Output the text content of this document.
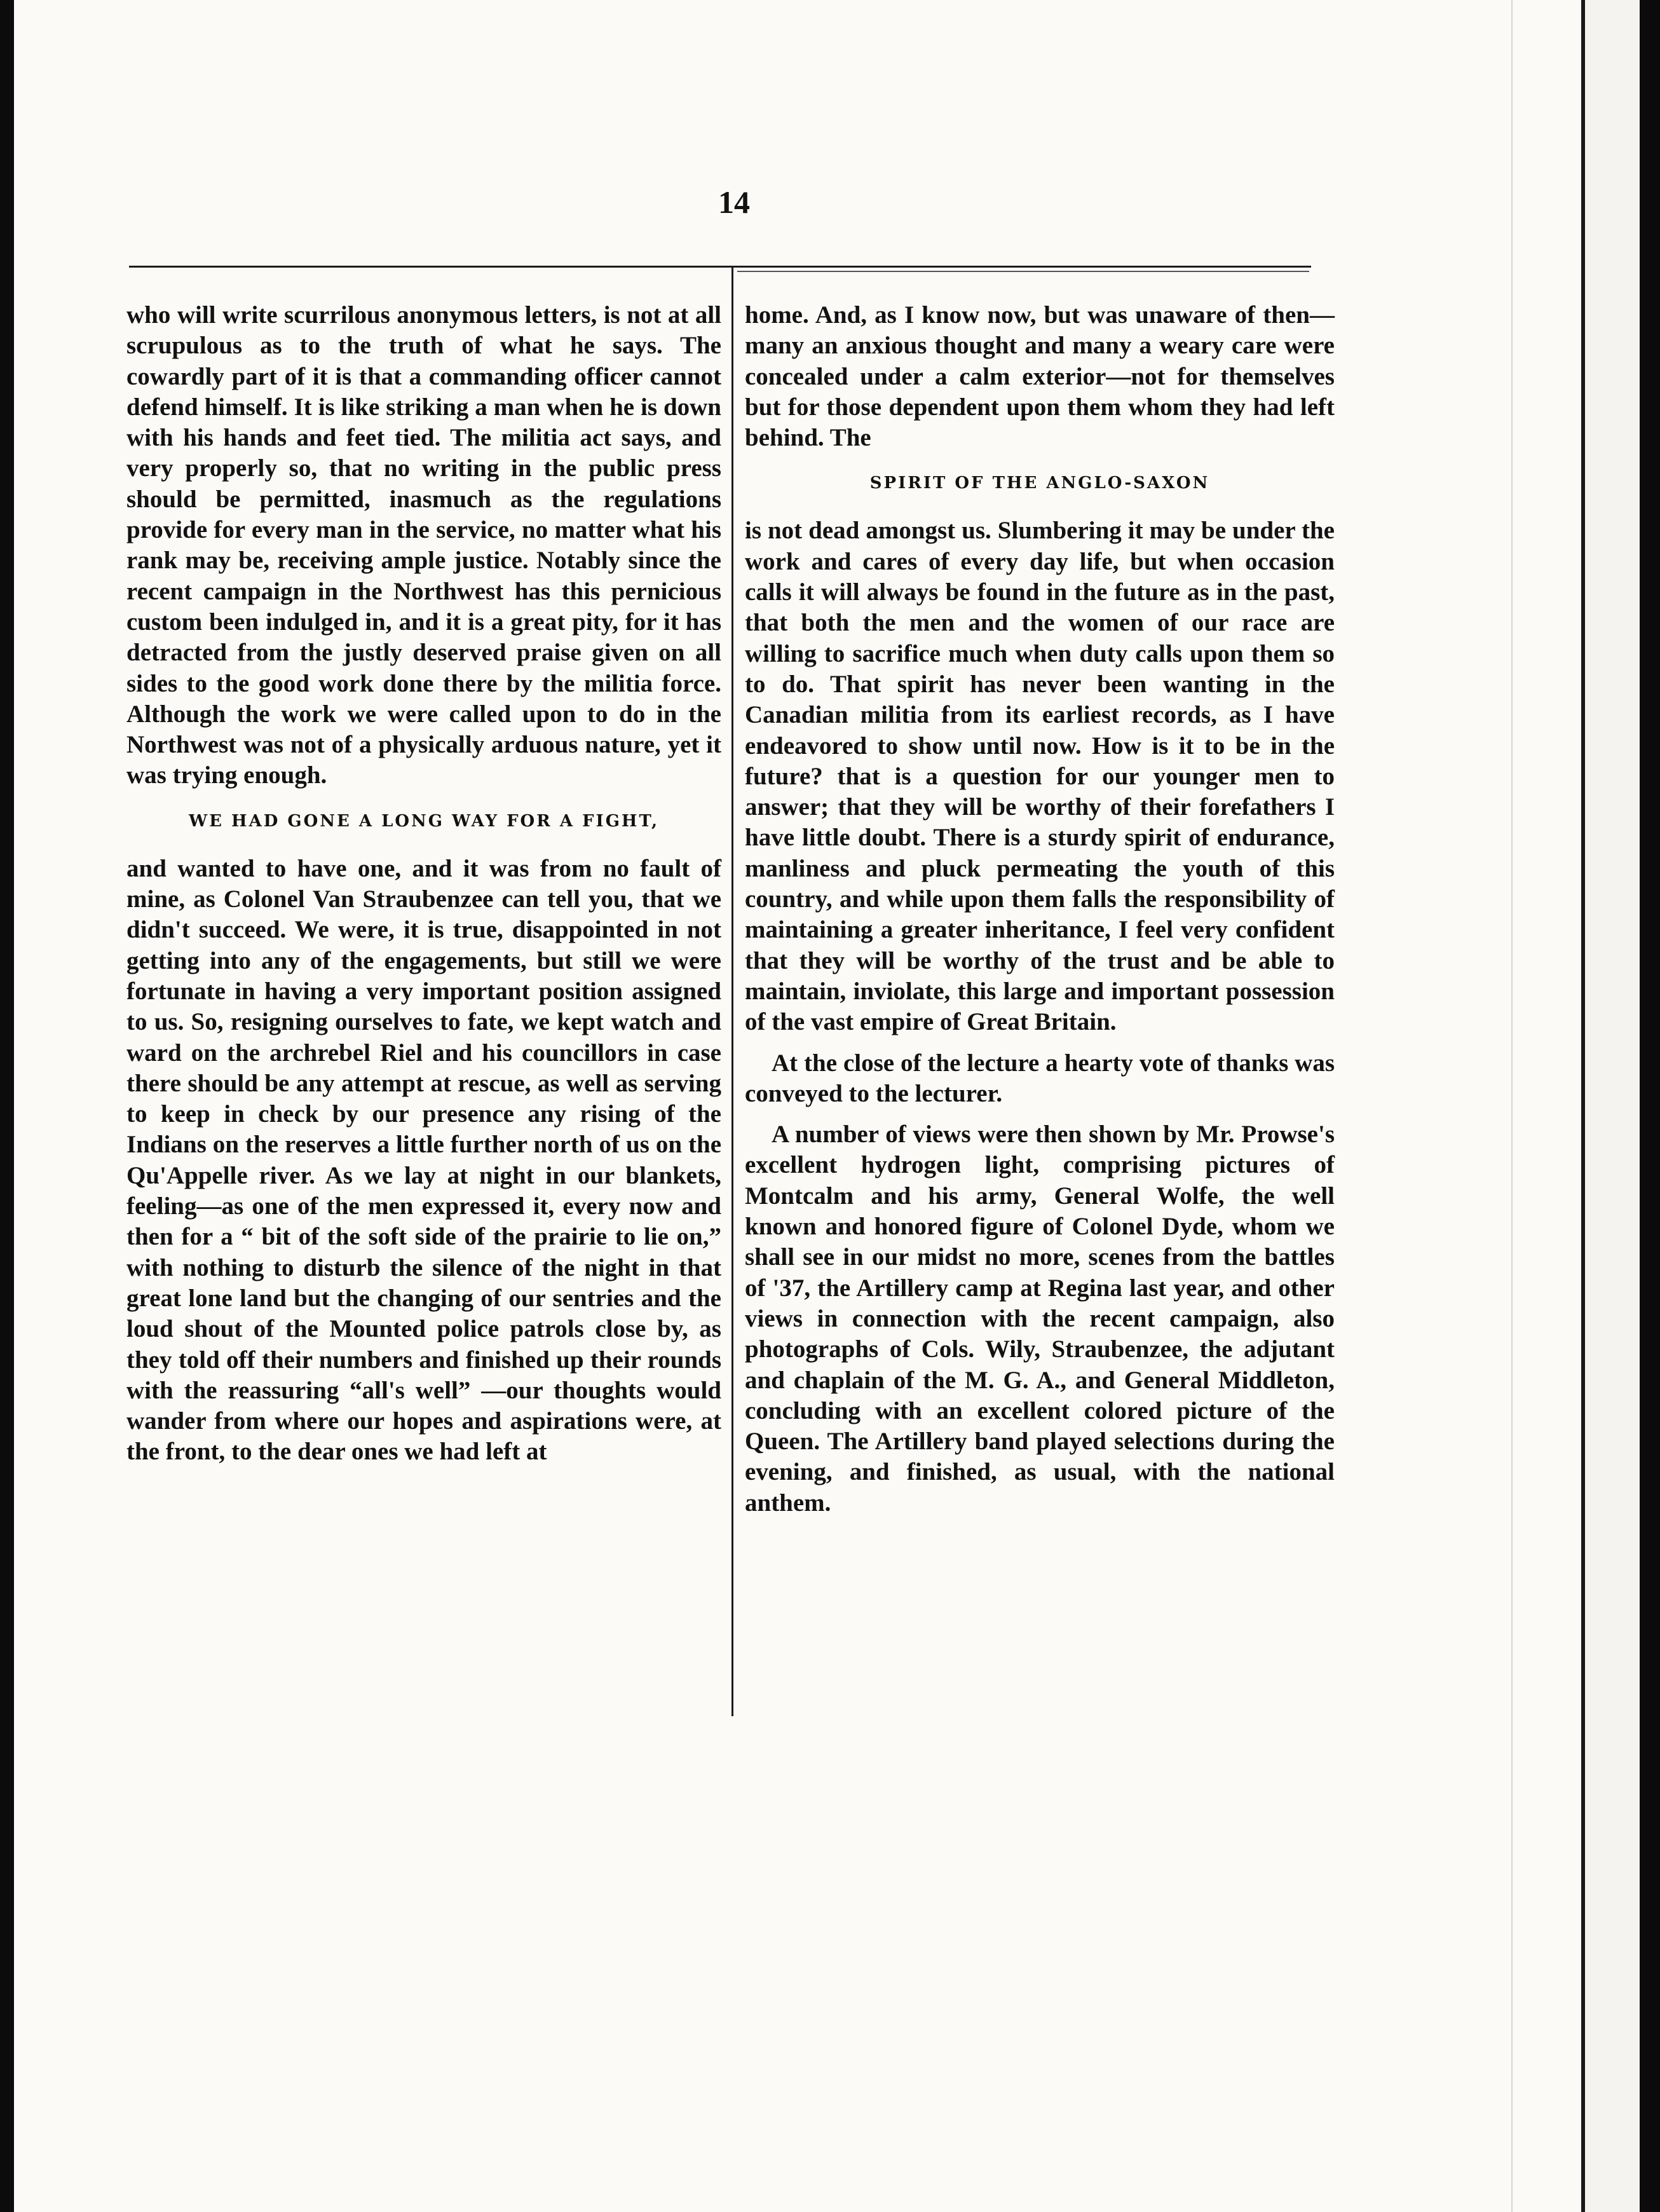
14

who will write scurrilous anonymous letters, is not at all scrupulous as to the truth of what he says. The cowardly part of it is that a commanding officer cannot defend himself. It is like striking a man when he is down with his hands and feet tied. The militia act says, and very properly so, that no writing in the public press should be permitted, inasmuch as the regulations provide for every man in the service, no matter what his rank may be, receiving ample justice. Notably since the recent campaign in the Northwest has this pernicious custom been indulged in, and it is a great pity, for it has detracted from the justly deserved praise given on all sides to the good work done there by the militia force. Although the work we were called upon to do in the Northwest was not of a physically arduous nature, yet it was trying enough.

WE HAD GONE A LONG WAY FOR A FIGHT,

and wanted to have one, and it was from no fault of mine, as Colonel Van Straubenzee can tell you, that we didn't succeed. We were, it is true, disappointed in not getting into any of the engagements, but still we were fortunate in having a very important position assigned to us. So, resigning ourselves to fate, we kept watch and ward on the archrebel Riel and his councillors in case there should be any attempt at rescue, as well as serving to keep in check by our presence any rising of the Indians on the reserves a little further north of us on the Qu'Appelle river. As we lay at night in our blankets, feeling—as one of the men expressed it, every now and then for a “ bit of the soft side of the prairie to lie on,” with nothing to disturb the silence of the night in that great lone land but the changing of our sentries and the loud shout of the Mounted police patrols close by, as they told off their numbers and finished up their rounds with the reassuring “all's well” —our thoughts would wander from where our hopes and aspirations were, at the front, to the dear ones we had left at

home. And, as I know now, but was unaware of then—many an anxious thought and many a weary care were concealed under a calm exterior—not for themselves but for those dependent upon them whom they had left behind. The

SPIRIT OF THE ANGLO-SAXON

is not dead amongst us. Slumbering it may be under the work and cares of every day life, but when occasion calls it will always be found in the future as in the past, that both the men and the women of our race are willing to sacrifice much when duty calls upon them so to do. That spirit has never been wanting in the Canadian militia from its earliest records, as I have endeavored to show until now. How is it to be in the future? that is a question for our younger men to answer; that they will be worthy of their forefathers I have little doubt. There is a sturdy spirit of endurance, manliness and pluck permeating the youth of this country, and while upon them falls the responsibility of maintaining a greater inheritance, I feel very confident that they will be worthy of the trust and be able to maintain, inviolate, this large and important possession of the vast empire of Great Britain.

At the close of the lecture a hearty vote of thanks was conveyed to the lecturer.

A number of views were then shown by Mr. Prowse's excellent hydrogen light, comprising pictures of Montcalm and his army, General Wolfe, the well known and honored figure of Colonel Dyde, whom we shall see in our midst no more, scenes from the battles of '37, the Artillery camp at Regina last year, and other views in connection with the recent campaign, also photographs of Cols. Wily, Straubenzee, the adjutant and chaplain of the M. G. A., and General Middleton, concluding with an excellent colored picture of the Queen. The Artillery band played selections during the evening, and finished, as usual, with the national anthem.
